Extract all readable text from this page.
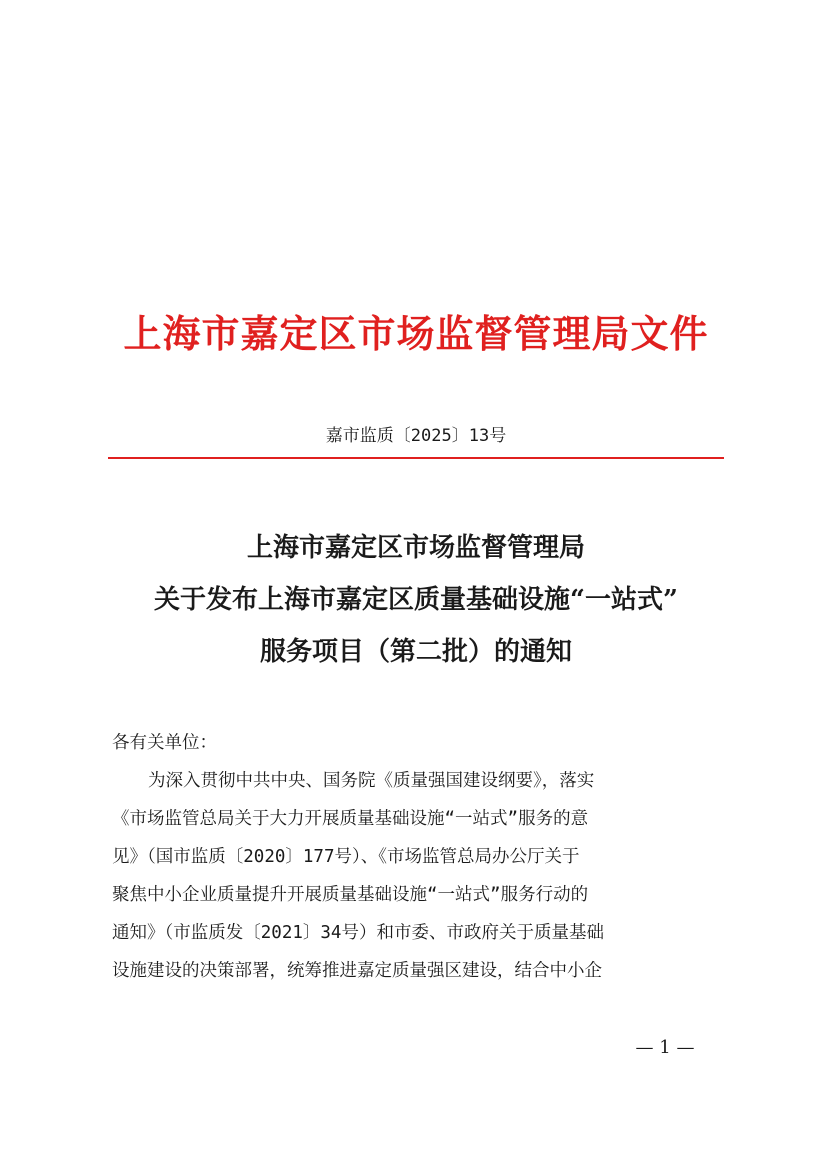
上海市嘉定区市场监督管理局文件
嘉市监质〔2025〕13号
上海市嘉定区市场监督管理局
关于发布上海市嘉定区质量基础设施“一站式”
服务项目（第二批）的通知
各有关单位：
为深入贯彻中共中央、国务院《质量强国建设纲要》，落实
《市场监管总局关于大力开展质量基础设施“一站式”服务的意
见》（国市监质〔2020〕177号）、《市场监管总局办公厅关于
聚焦中小企业质量提升开展质量基础设施“一站式”服务行动的
通知》（市监质发〔2021〕34号）和市委、市政府关于质量基础
设施建设的决策部署，统筹推进嘉定质量强区建设，结合中小企
— 1 —
